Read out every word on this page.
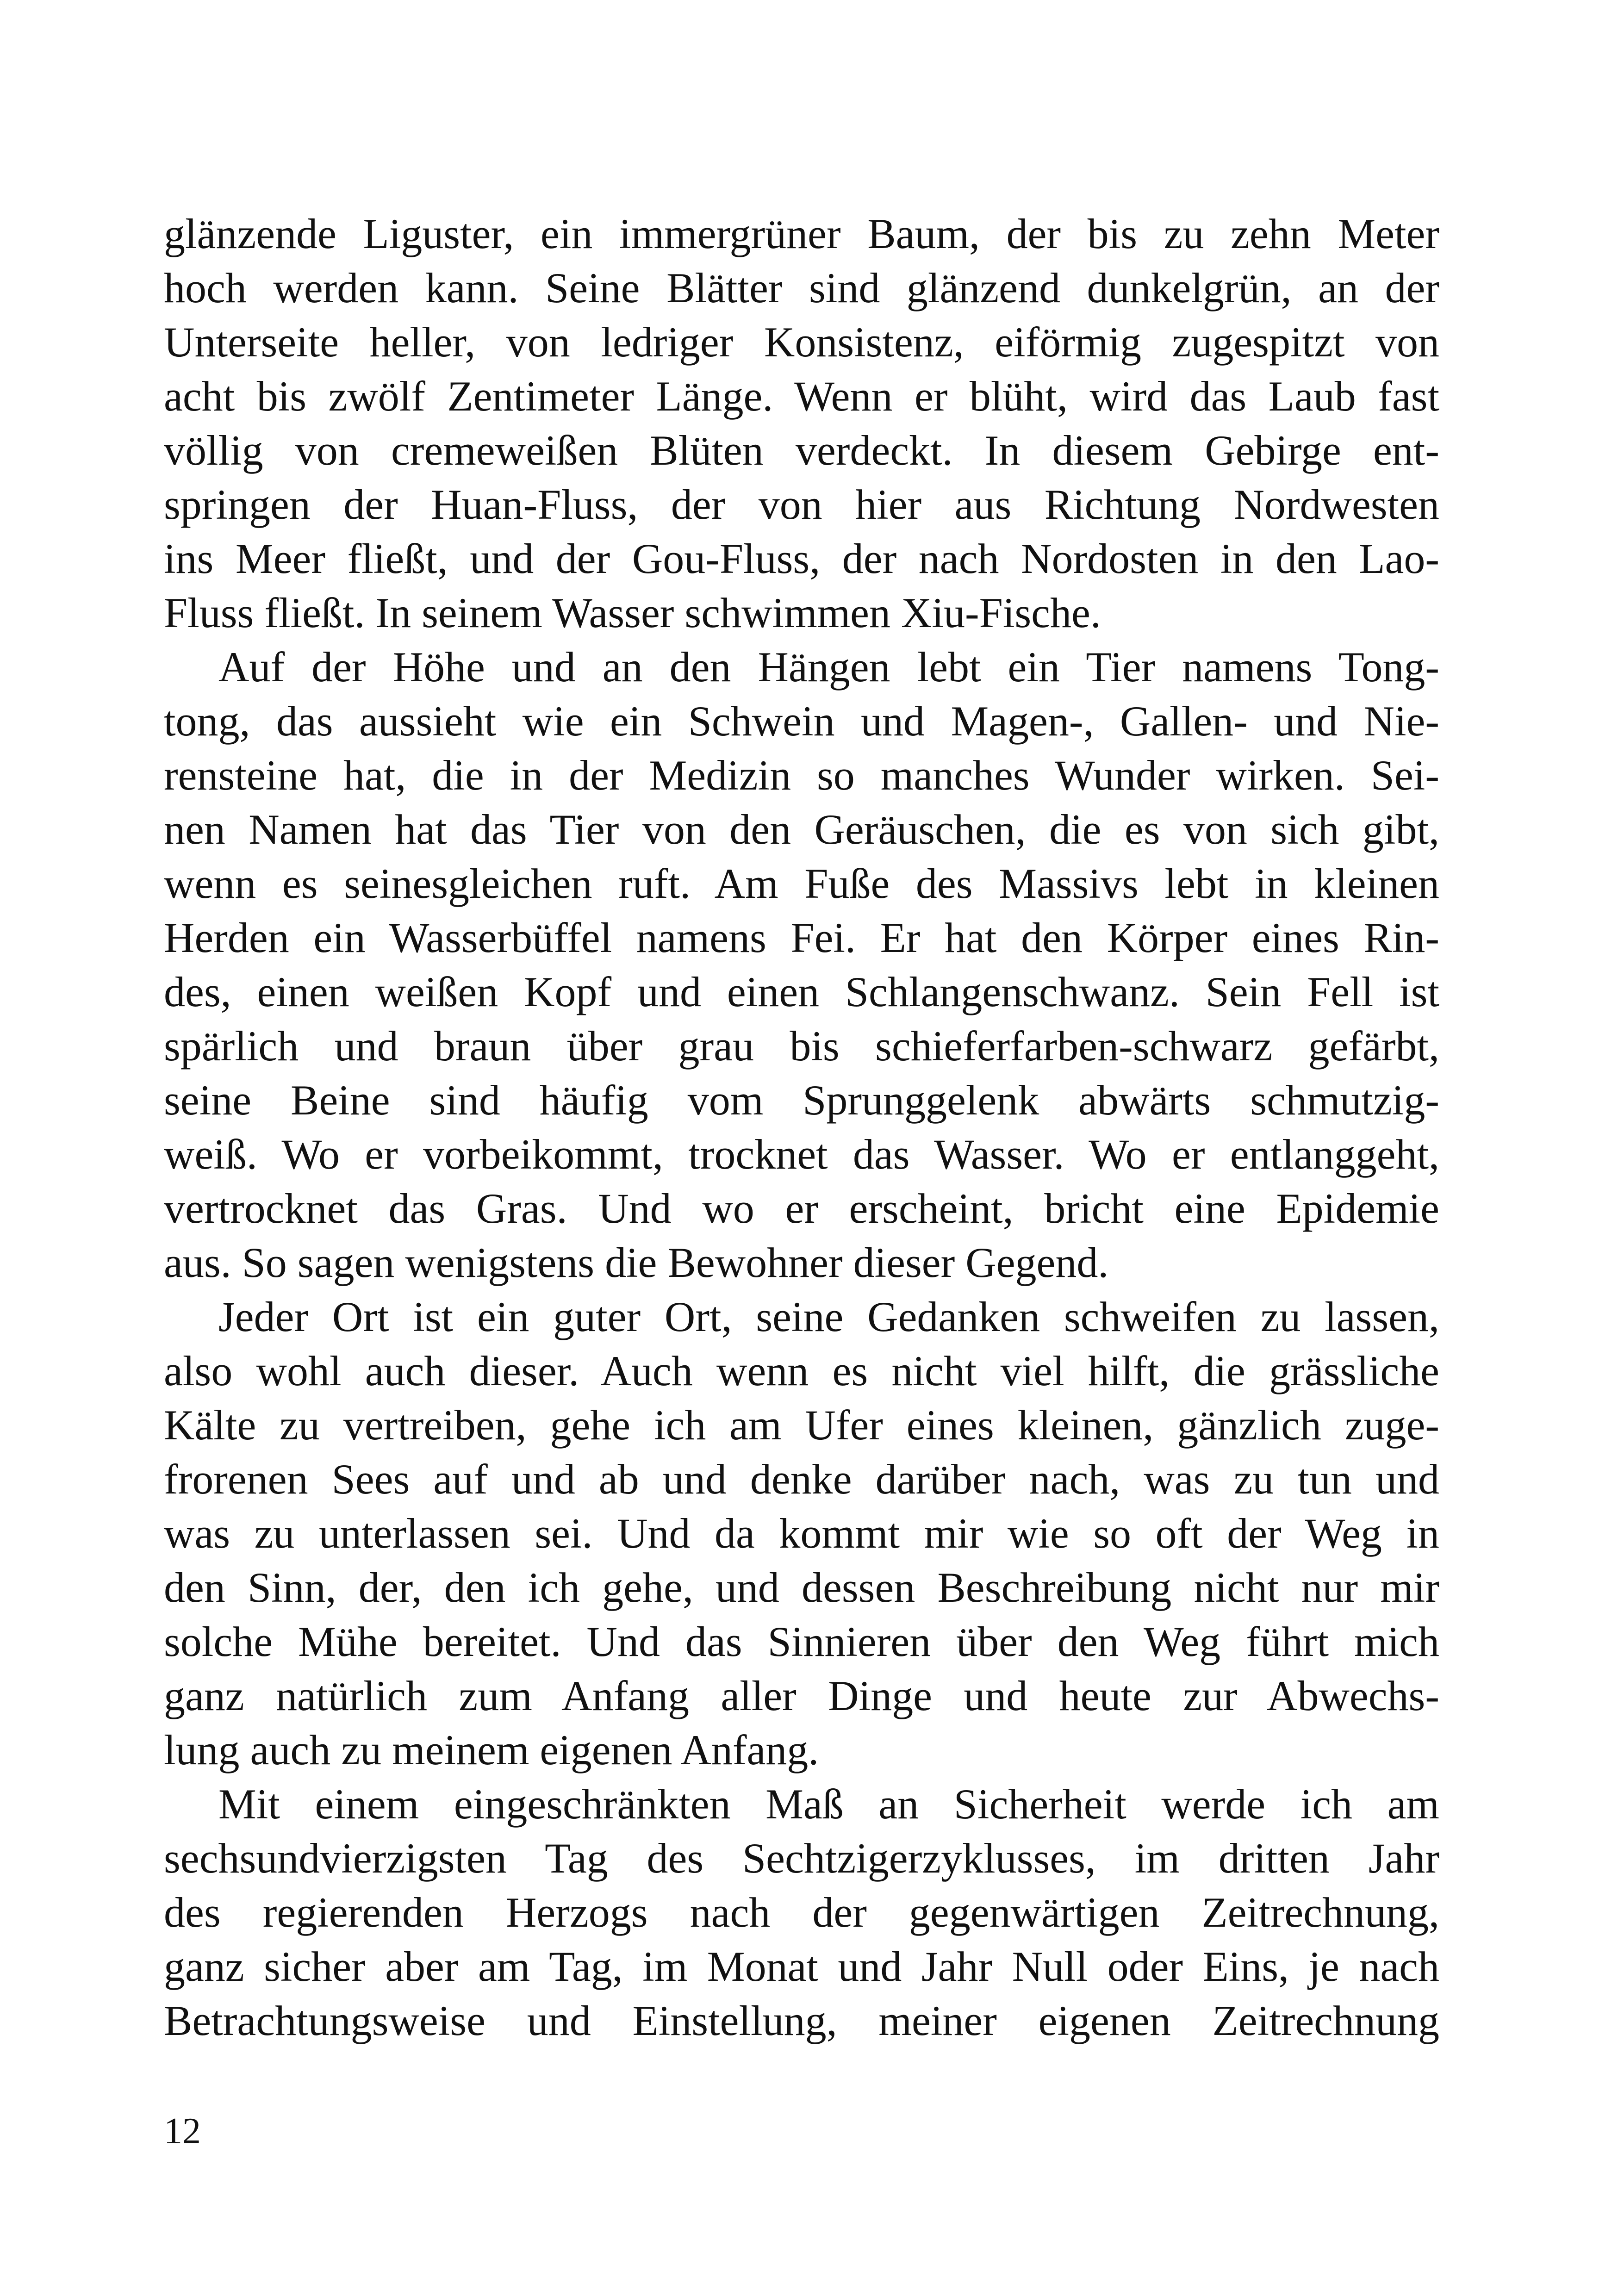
glänzende Liguster, ein immergrüner Baum, der bis zu zehn Meter
hoch werden kann. Seine Blätter sind glänzend dunkelgrün, an der
Unterseite heller, von ledriger Konsistenz, eiförmig zugespitzt von
acht bis zwölf Zentimeter Länge. Wenn er blüht, wird das Laub fast
völlig von cremeweißen Blüten verdeckt. In diesem Gebirge ent-
springen der Huan-Fluss, der von hier aus Richtung Nordwesten
ins Meer fließt, und der Gou-Fluss, der nach Nordosten in den Lao-
Fluss fließt. In seinem Wasser schwimmen Xiu-Fische.
Auf der Höhe und an den Hängen lebt ein Tier namens Tong-
tong, das aussieht wie ein Schwein und Magen-, Gallen- und Nie-
rensteine hat, die in der Medizin so manches Wunder wirken. Sei-
nen Namen hat das Tier von den Geräuschen, die es von sich gibt,
wenn es seinesgleichen ruft. Am Fuße des Massivs lebt in kleinen
Herden ein Wasserbüffel namens Fei. Er hat den Körper eines Rin-
des, einen weißen Kopf und einen Schlangenschwanz. Sein Fell ist
spärlich und braun über grau bis schieferfarben-schwarz gefärbt,
seine Beine sind häufig vom Sprunggelenk abwärts schmutzig-
weiß. Wo er vorbeikommt, trocknet das Wasser. Wo er entlanggeht,
vertrocknet das Gras. Und wo er erscheint, bricht eine Epidemie
aus. So sagen wenigstens die Bewohner dieser Gegend.
Jeder Ort ist ein guter Ort, seine Gedanken schweifen zu lassen,
also wohl auch dieser. Auch wenn es nicht viel hilft, die grässliche
Kälte zu vertreiben, gehe ich am Ufer eines kleinen, gänzlich zuge-
frorenen Sees auf und ab und denke darüber nach, was zu tun und
was zu unterlassen sei. Und da kommt mir wie so oft der Weg in
den Sinn, der, den ich gehe, und dessen Beschreibung nicht nur mir
solche Mühe bereitet. Und das Sinnieren über den Weg führt mich
ganz natürlich zum Anfang aller Dinge und heute zur Abwechs-
lung auch zu meinem eigenen Anfang.
Mit einem eingeschränkten Maß an Sicherheit werde ich am
sechsundvierzigsten Tag des Sechtzigerzyklusses, im dritten Jahr
des regierenden Herzogs nach der gegenwärtigen Zeitrechnung,
ganz sicher aber am Tag, im Monat und Jahr Null oder Eins, je nach
Betrachtungsweise und Einstellung, meiner eigenen Zeitrechnung
12
